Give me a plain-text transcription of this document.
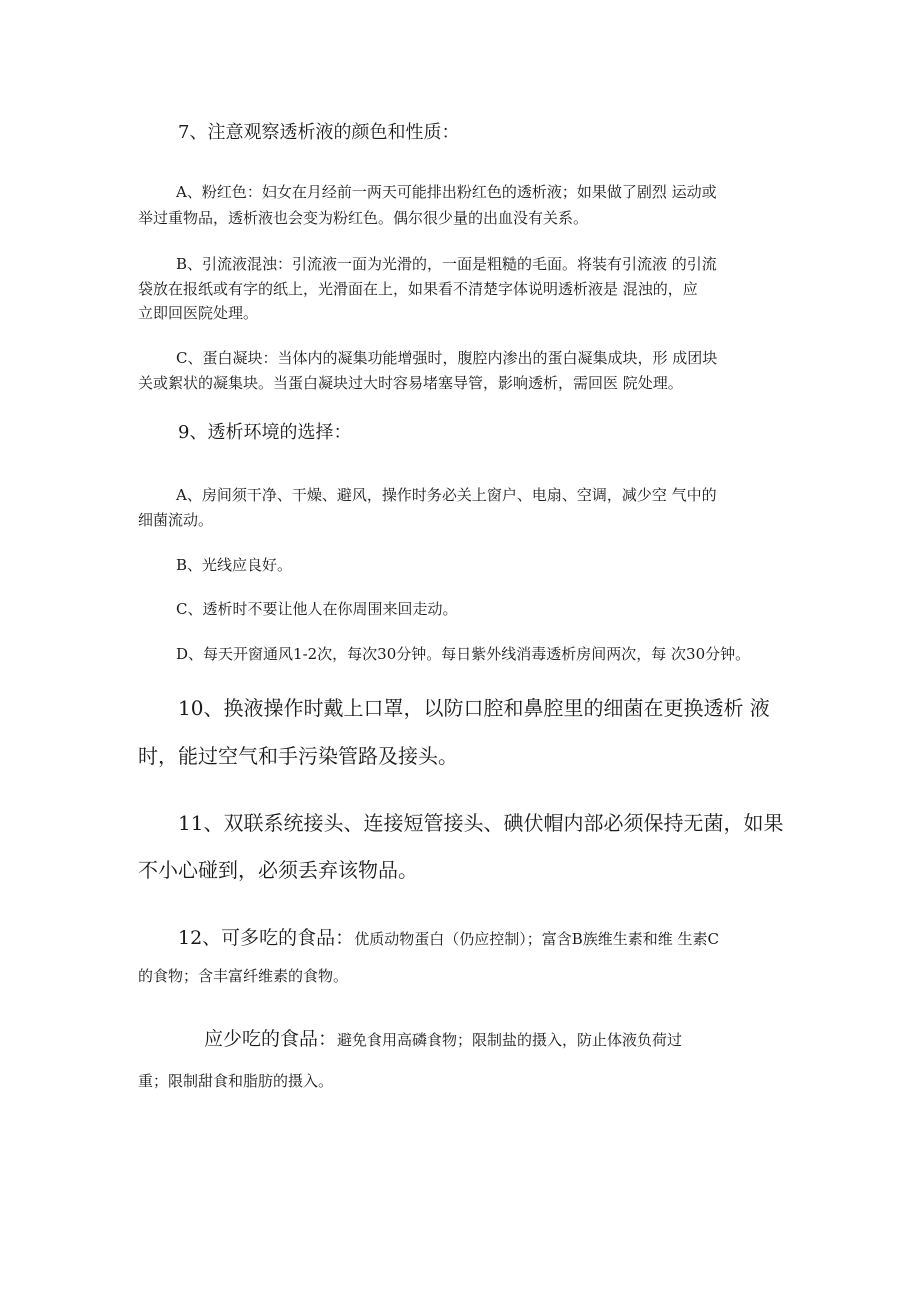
7、注意观察透析液的颜色和性质：
A、粉红色：妇女在月经前一两天可能排出粉红色的透析液；如果做了剧烈 运动或
举过重物品，透析液也会变为粉红色。偶尔很少量的出血没有关系。
B、引流液混浊：引流液一面为光滑的，一面是粗糙的毛面。将装有引流液 的引流
袋放在报纸或有字的纸上，光滑面在上，如果看不清楚字体说明透析液是 混浊的，应
立即回医院处理。
C、蛋白凝块：当体内的凝集功能增强时，腹腔内渗出的蛋白凝集成块，形 成团块
关或絮状的凝集块。当蛋白凝块过大时容易堵塞导管，影响透析，需回医 院处理。
9、透析环境的选择：
A、房间须干净、干燥、避风，操作时务必关上窗户、电扇、空调，减少空 气中的
细菌流动。
B、光线应良好。
C、透析时不要让他人在你周围来回走动。
D、每天开窗通风1-2次，每次30分钟。每日紫外线消毒透析房间两次，每 次30分钟。
10、换液操作时戴上口罩，以防口腔和鼻腔里的细菌在更换透析 液
时，能过空气和手污染管路及接头。
11、双联系统接头、连接短管接头、碘伏帽内部必须保持无菌，如果
不小心碰到，必须丢弃该物品。
12、可多吃的食品：优质动物蛋白（仍应控制）；富含B族维生素和维 生素C
的食物；含丰富纤维素的食物。
应少吃的食品：避免食用高磷食物；限制盐的摄入，防止体液负荷过
重；限制甜食和脂肪的摄入。
